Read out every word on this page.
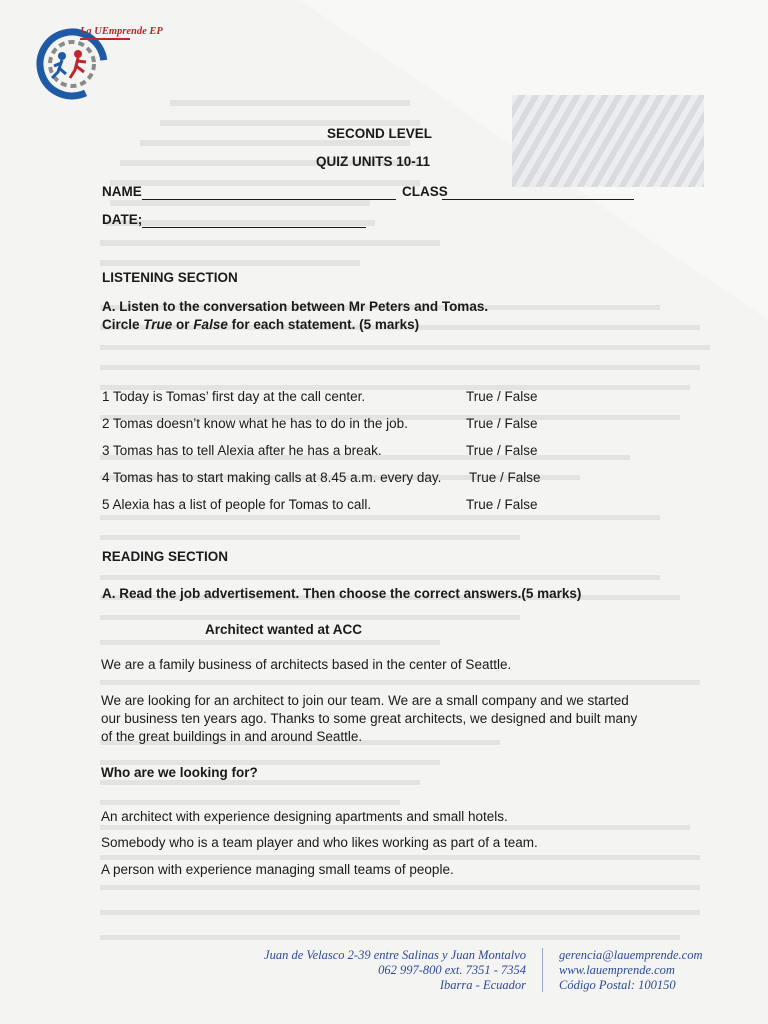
La UEmprende EP
SECOND LEVEL
QUIZ UNITS 10-11
NAME	CLASS
DATE;
LISTENING SECTION
A. Listen to the conversation between Mr Peters and Tomas.
Circle True or False for each statement. (5 marks)
1 Today is Tomas’ first day at the call center.	True / False
2 Tomas doesn’t know what he has to do in the job.	True / False
3 Tomas has to tell Alexia after he has a break.	True / False
4 Tomas has to start making calls at 8.45 a.m. every day. True / False
5 Alexia has a list of people for Tomas to call.	True / False
READING SECTION
A. Read the job advertisement. Then choose the correct answers.(5 marks)
Architect wanted at ACC
We are a family business of architects based in the center of Seattle.
We are looking for an architect to join our team. We are a small company and we started
our business ten years ago. Thanks to some great architects, we designed and built many
of the great buildings in and around Seattle.
Who are we looking for?
An architect with experience designing apartments and small hotels.
Somebody who is a team player and who likes working as part of a team.
A person with experience managing small teams of people.
Juan de Velasco 2-39 entre Salinas y Juan Montalvo
062 997-800 ext. 7351 - 7354
Ibarra - Ecuador
gerencia@lauemprende.com
www.lauemprende.com
Código Postal: 100150
